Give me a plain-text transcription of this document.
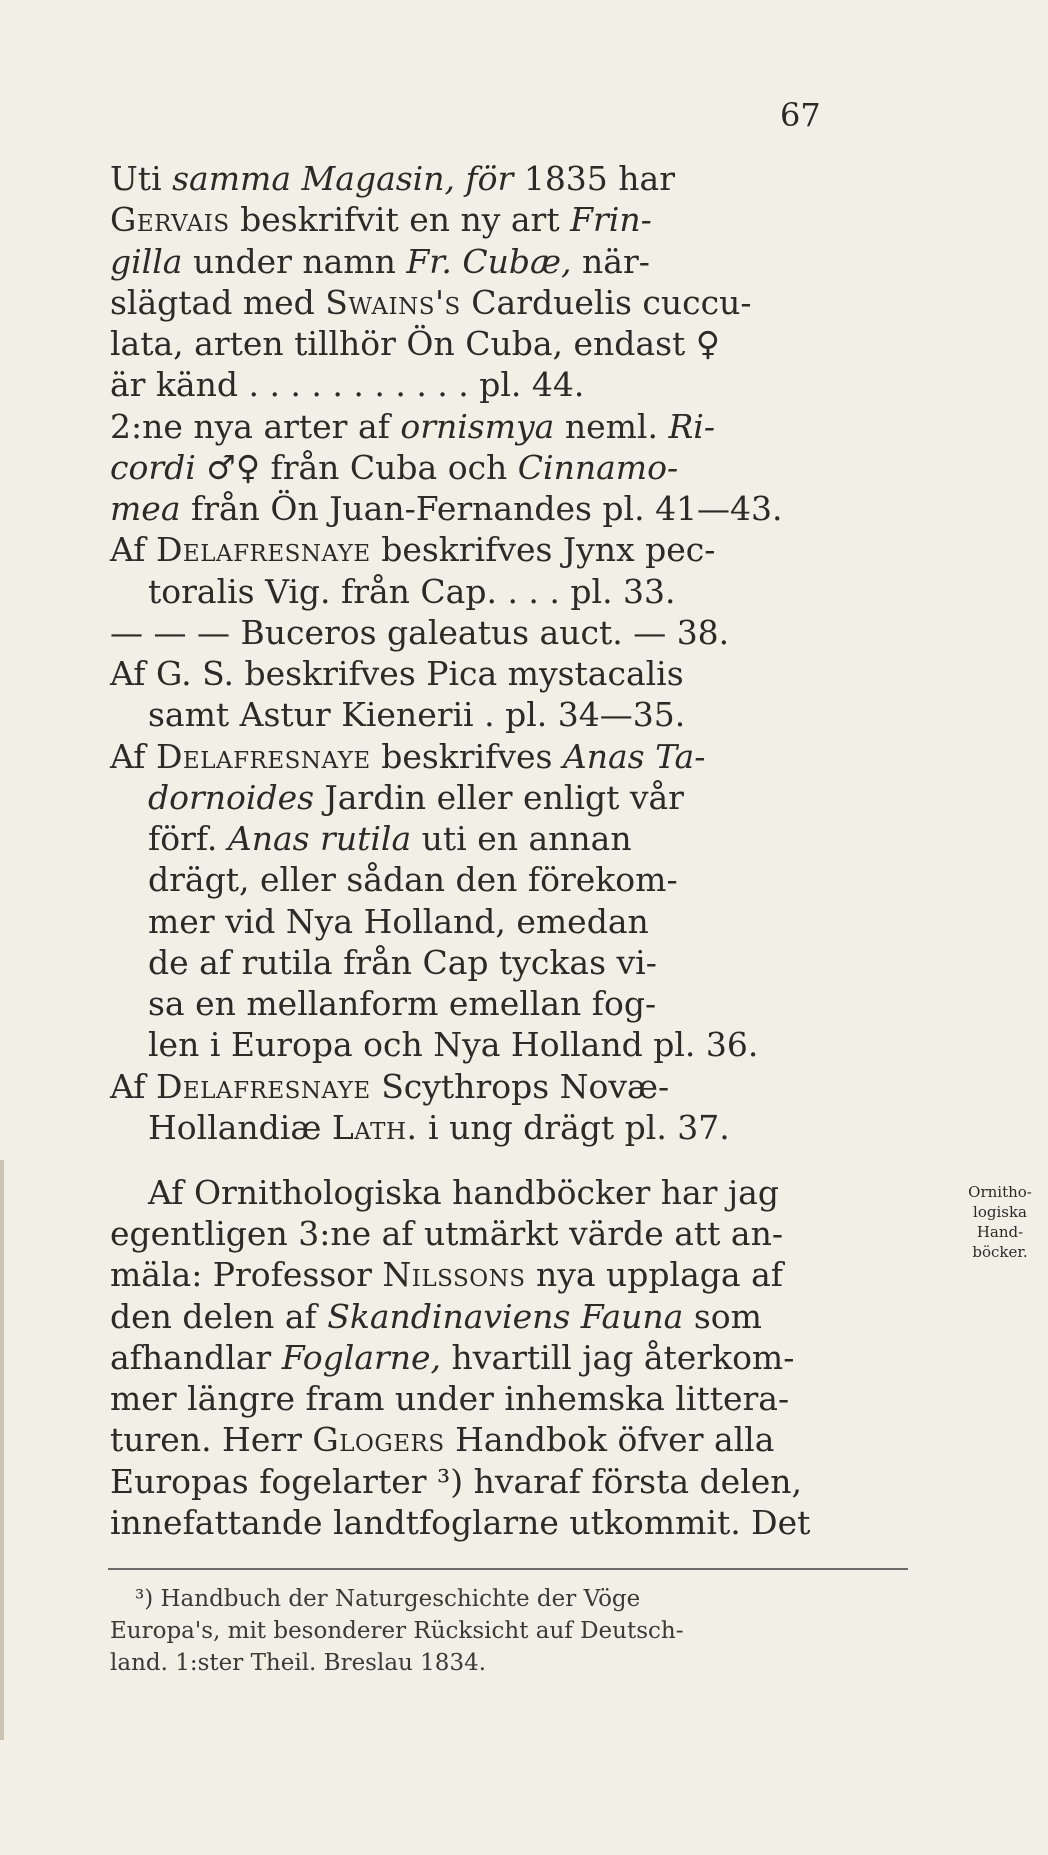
67
Uti samma Magasin, för 1835 har
Gervais beskrifvit en ny art Frin-
gilla under namn Fr. Cubæ, när-
slägtad med Swains's Carduelis cuccu-
lata, arten tillhör Ön Cuba, endast ♀
är känd . . . . . . . . . . . pl. 44.
2:ne nya arter af ornismya neml. Ri-
cordi ♂♀ från Cuba och Cinnamo-
mea från Ön Juan-Fernandes pl. 41—43.
Af Delafresnaye beskrifves Jynx pec-
toralis Vig. från Cap. . . . pl. 33.
— — — Buceros galeatus auct. — 38.
Af G. S. beskrifves Pica mystacalis
samt Astur Kienerii . pl. 34—35.
Af Delafresnaye beskrifves Anas Ta-
dornoides Jardin eller enligt vår
förf. Anas rutila uti en annan
drägt, eller sådan den förekom-
mer vid Nya Holland, emedan
de af rutila från Cap tyckas vi-
sa en mellanform emellan fog-
len i Europa och Nya Holland pl. 36.
Af Delafresnaye Scythrops Novæ-
Hollandiæ Lath. i ung drägt pl. 37.
Af Ornithologiska handböcker har jag
egentligen 3:ne af utmärkt värde att an-
mäla: Professor Nilssons nya upplaga af
den delen af Skandinaviens Fauna som
afhandlar Foglarne, hvartill jag återkom-
mer längre fram under inhemska littera-
turen. Herr Glogers Handbok öfver alla
Europas fogelarter ³) hvaraf första delen,
innefattande landtfoglarne utkommit. Det
Ornitho-
logiska
Hand-
böcker.
³) Handbuch der Naturgeschichte der Vöge
Europa's, mit besonderer Rücksicht auf Deutsch-
land. 1:ster Theil. Breslau 1834.
